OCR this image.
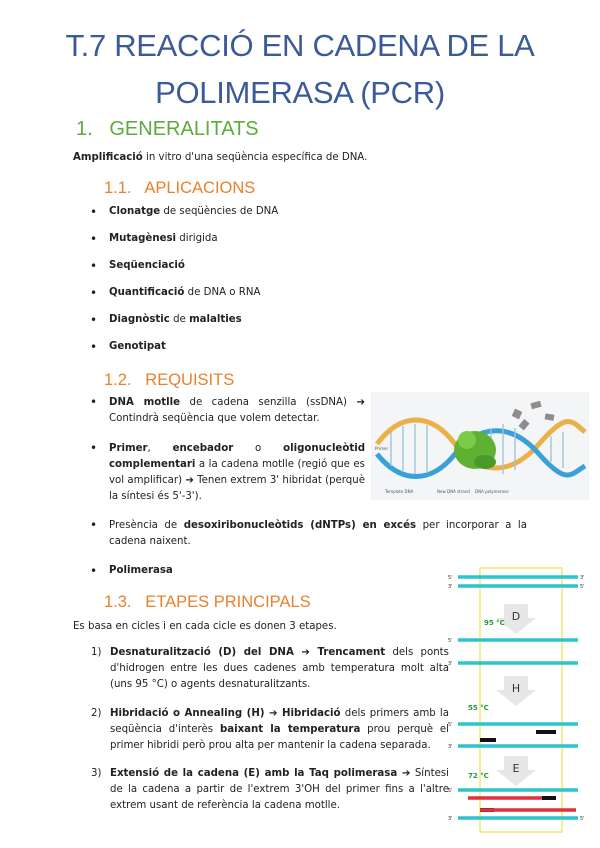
T.7 REACCIÓ EN CADENA DE LA
POLIMERASA (PCR)
1.   GENERALITATS
Amplificació in vitro d'una seqüència específica de DNA.
1.1.   APLICACIONS
Clonatge de seqüències de DNA
Mutagènesi dirigida
Seqüenciació
Quantificació de DNA o RNA
Diagnòstic de malalties
Genotipat
1.2.   REQUISITS
• DNA motlle de cadena senzilla (ssDNA) ➔ Contindrà seqüència que volem detectar.
• Primer, encebador o oligonucleòtid complementari a la cadena motlle (regió que es vol amplificar) ➔ Tenen extrem 3' hibridat (perquè la síntesi és 5'-3').
Primer
Template DNA	New DNA strand DNA polymerase
• Presència de desoxiribonucleòtids (dNTPs) en excés per incorporar a la cadena naixent.
Polimerasa
1.3.   ETAPES PRINCIPALS
Es basa en cicles i en cada cicle es donen 3 etapes.
1) Desnaturalització (D) del DNA ➔ Trencament dels ponts d'hidrogen entre les dues cadenes amb temperatura molt alta (uns 95 °C) o agents desnaturalitzants.
2) Hibridació o Annealing (H) ➔ Hibridació dels primers amb la seqüència d'interès baixant la temperatura prou perquè el primer hibridi però prou alta per mantenir la cadena separada.
3) Extensió de la cadena (E) amb la Taq polimerasa ➔ Síntesi de la cadena a partir de l'extrem 3'OH del primer fins a l'altre extrem usant de referència la cadena motlle.
5'	3'
3'	5'
D
95 °C
5'
3'
H
55 °C
5'
3'
E
72 °C
5'
3'	5'
